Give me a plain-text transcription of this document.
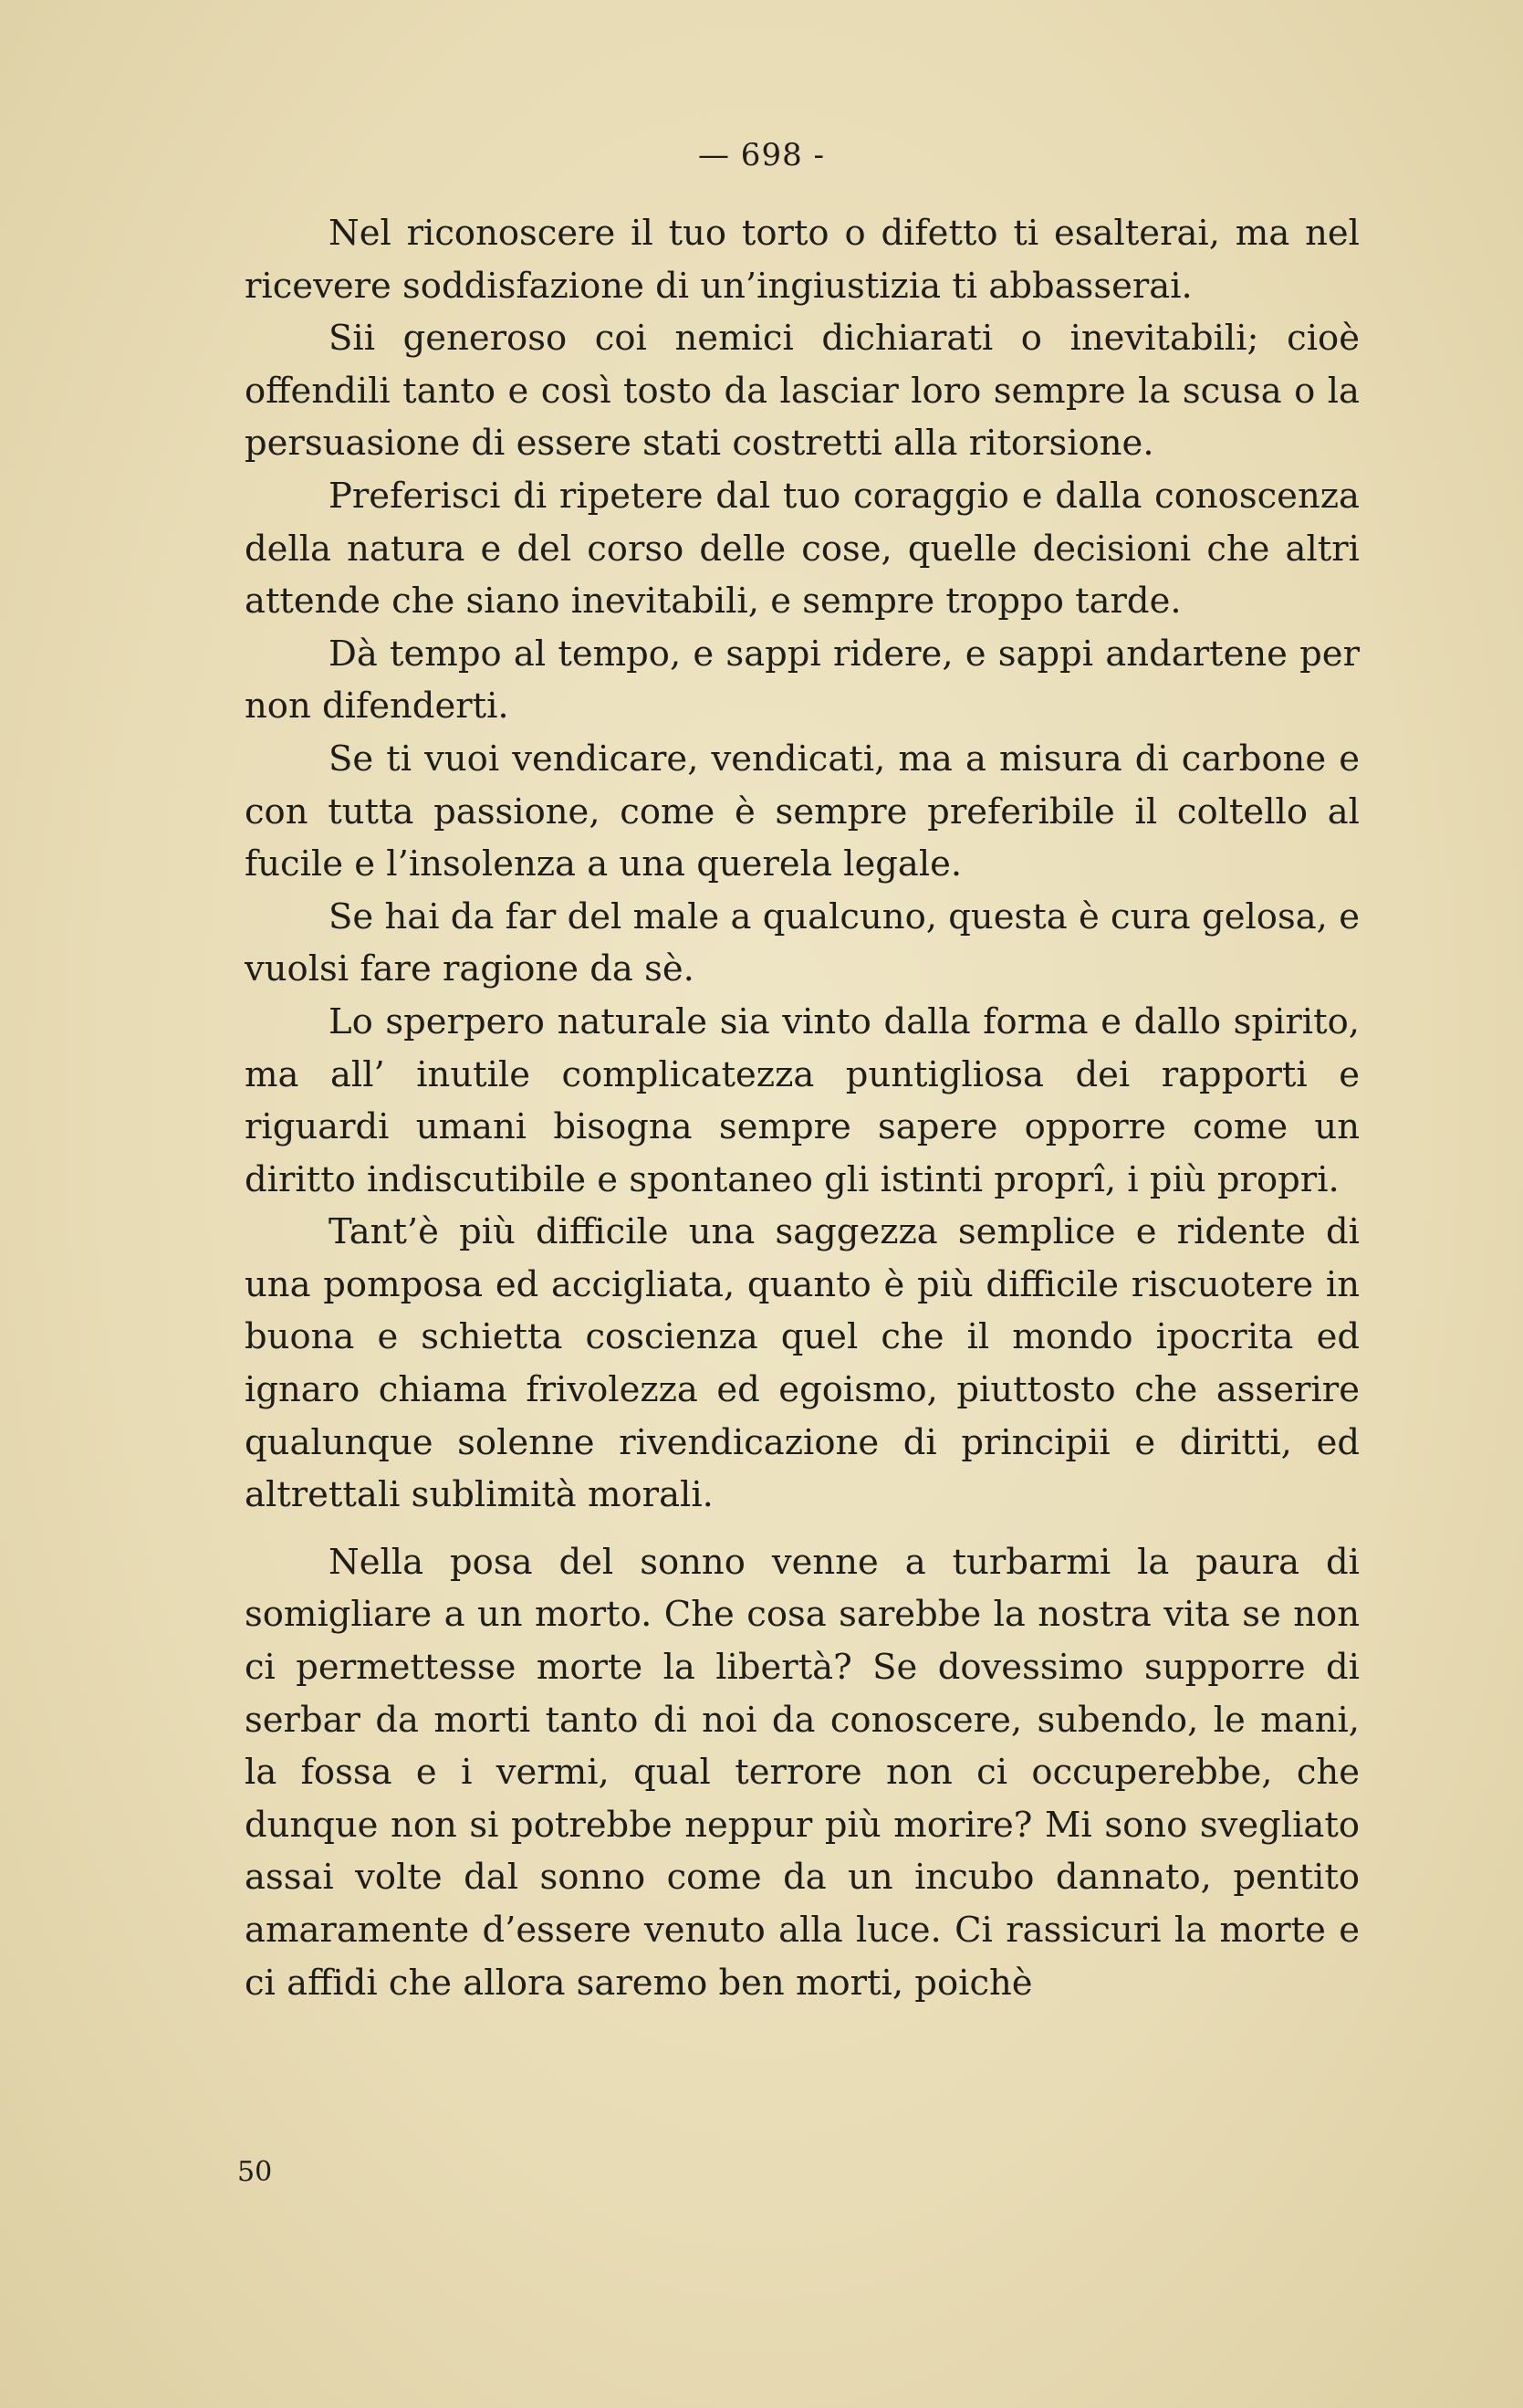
— 698 -

Nel riconoscere il tuo torto o difetto ti esalterai, ma nel ricevere soddisfazione di un’ingiustizia ti abbasserai.

Sii generoso coi nemici dichiarati o inevitabili; cioè offendili tanto e così tosto da lasciar loro sempre la scusa o la persuasione di essere stati costretti alla ritorsione.

Preferisci di ripetere dal tuo coraggio e dalla conoscenza della natura e del corso delle cose, quelle decisioni che altri attende che siano inevitabili, e sempre troppo tarde.

Dà tempo al tempo, e sappi ridere, e sappi andartene per non difenderti.

Se ti vuoi vendicare, vendicati, ma a misura di carbone e con tutta passione, come è sempre preferibile il coltello al fucile e l’insolenza a una querela legale.

Se hai da far del male a qualcuno, questa è cura gelosa, e vuolsi fare ragione da sè.

Lo sperpero naturale sia vinto dalla forma e dallo spirito, ma all’ inutile complicatezza puntigliosa dei rapporti e riguardi umani bisogna sempre sapere opporre come un diritto indiscutibile e spontaneo gli istinti proprî, i più propri.

Tant’è più difficile una saggezza semplice e ridente di una pomposa ed accigliata, quanto è più difficile riscuotere in buona e schietta coscienza quel che il mondo ipocrita ed ignaro chiama frivolezza ed egoismo, piuttosto che asserire qualunque solenne rivendicazione di principii e diritti, ed altrettali sublimità morali.

Nella posa del sonno venne a turbarmi la paura di somigliare a un morto. Che cosa sarebbe la nostra vita se non ci permettesse morte la libertà? Se dovessimo supporre di serbar da morti tanto di noi da conoscere, subendo, le mani, la fossa e i vermi, qual terrore non ci occuperebbe, che dunque non si potrebbe neppur più morire? Mi sono svegliato assai volte dal sonno come da un incubo dannato, pentito amaramente d’essere venuto alla luce. Ci rassicuri la morte e ci affidi che allora saremo ben morti, poichè

50
